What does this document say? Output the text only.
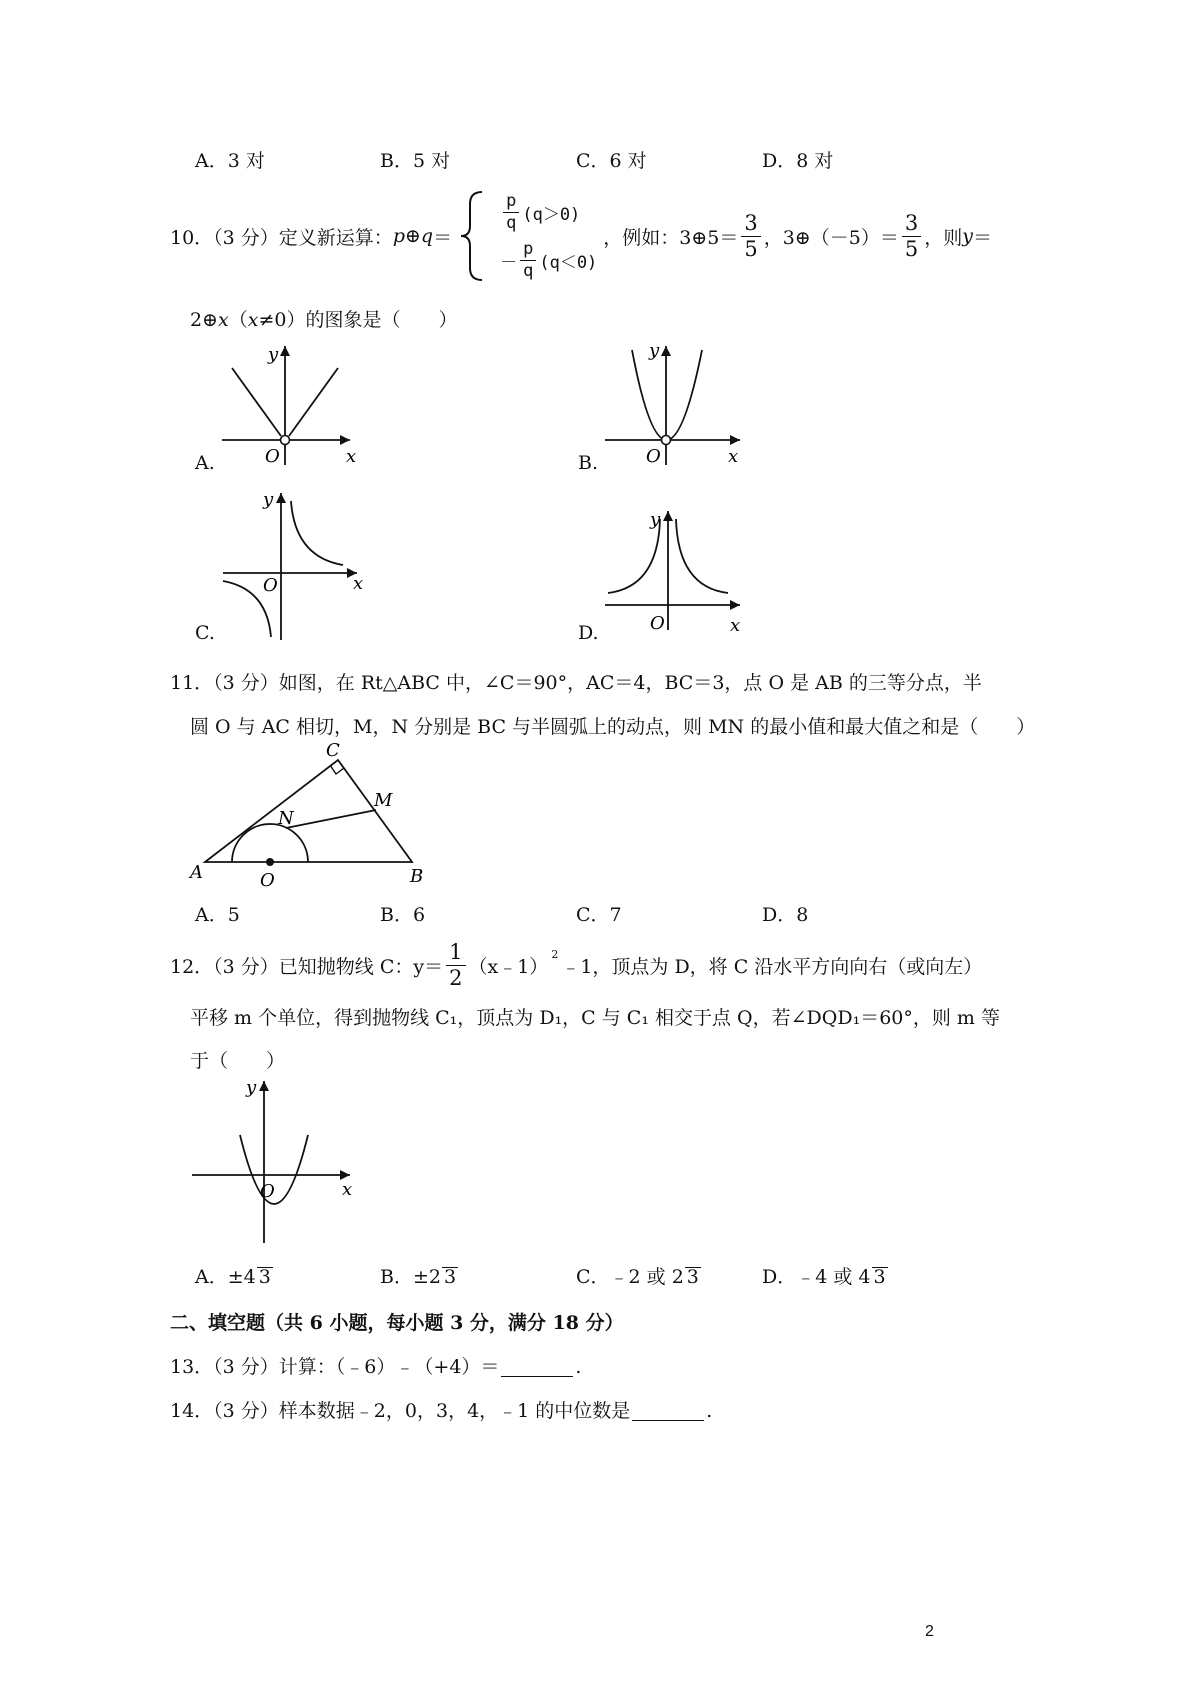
A．3 对	B．5 对	C．6 对	D．8 对
10．（3 分）定义新运算： p ⊕ q ＝
$\frac{p}{q} (q>0)$
－ $\frac{p}{q} (q<0)$
，例如：3⊕5＝ $\frac{3}{5}$ ，3⊕（－5）＝ $\frac{3}{5}$ ，则 y ＝
2⊕x（x≠0）的图象是（　　）
y
O	x
A.
y
O	x
B.
y
O	x
C.
y
O	x
D.
11．（3 分）如图，在 Rt△ABC 中，∠C＝90°，AC＝4，BC＝3，点 O 是 AB 的三等分点，半
圆 O 与 AC 相切，M，N 分别是 BC 与半圆弧上的动点，则 MN 的最小值和最大值之和是（　　）
A	B
C
M
N
O
A．5	B．6	C．7	D．8
12．（3 分）已知抛物线 C：$y= \frac{1}{2}$ （x﹣1）
$^2$
﹣1，顶点为 D，将 C 沿水平方向向右（或向左）
平移 m 个单位，得到抛物线 C₁，顶点为 D₁，C 与 C₁ 相交于点 Q，若∠DQD₁＝60°，则 m 等
于（　　）
y
O	x
A．±4 3	B．±2 3	C．﹣2 或 2 3	D．﹣4 或 4 3
二、填空题（共 6 小题，每小题 3 分，满分 18 分）
13．（3 分）计算：（﹣6）﹣（+4）＝	.
14．（3 分）样本数据﹣2，0，3，4，﹣1 的中位数是	.
2
